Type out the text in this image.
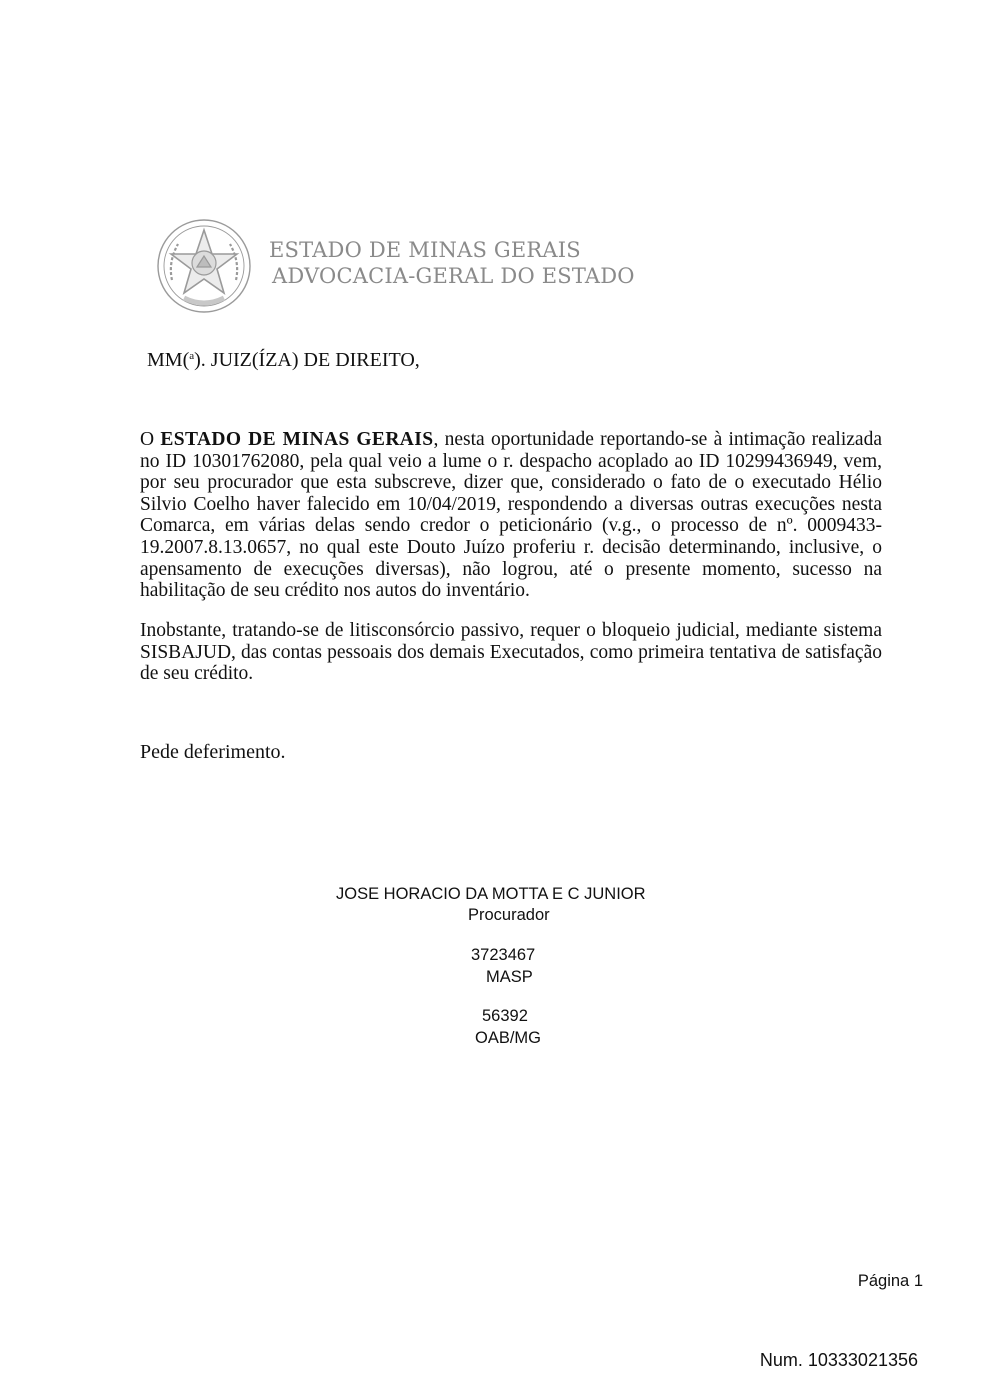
ESTADO DE MINAS GERAIS
ADVOCACIA-GERAL DO ESTADO
MM($^a$). JUIZ(ÍZA) DE DIREITO,
O ESTADO DE MINAS GERAIS, nesta oportunidade reportando-se à intimação realizada no ID 10301762080, pela qual veio a lume o r. despacho acoplado ao ID 10299436949, vem, por seu procurador que esta subscreve, dizer que, considerado o fato de o executado Hélio Silvio Coelho haver falecido em 10/04/2019, respondendo a diversas outras execuções nesta Comarca, em várias delas sendo credor o peticionário (v.g., o processo de nº. 0009433-19.2007.8.13.0657, no qual este Douto Juízo proferiu r. decisão determinando, inclusive, o apensamento de execuções diversas), não logrou, até o presente momento, sucesso na habilitação de seu crédito nos autos do inventário.
Inobstante, tratando-se de litisconsórcio passivo, requer o bloqueio judicial, mediante sistema SISBAJUD, das contas pessoais dos demais Executados, como primeira tentativa de satisfação de seu crédito.
Pede deferimento.
JOSE HORACIO DA MOTTA E C JUNIOR
Procurador
3723467
MASP
56392
OAB/MG
Página 1
Num. 10333021356
